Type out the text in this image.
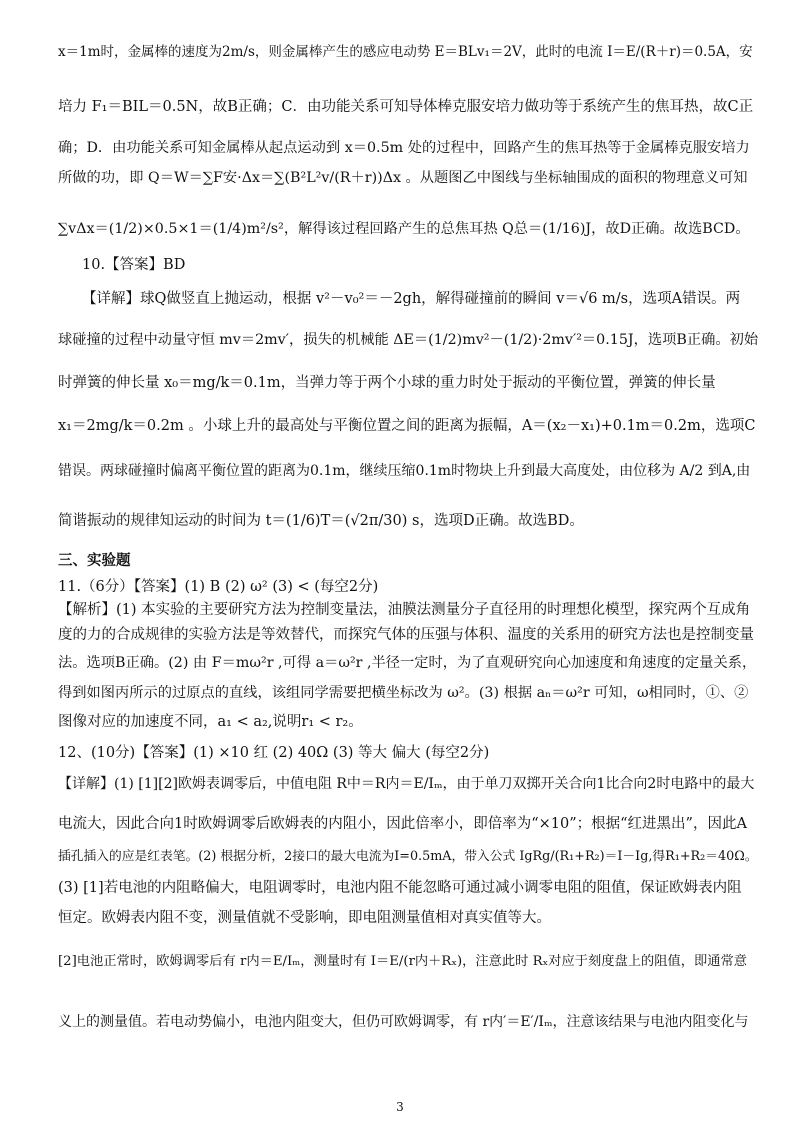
x＝1m时，金属棒的速度为2m/s，则金属棒产生的感应电动势 E＝BLv₁＝2V，此时的电流 I＝E/(R＋r)＝0.5A，安
培力 F₁＝BIL＝0.5N，故B正确；C．由功能关系可知导体棒克服安培力做功等于系统产生的焦耳热，故C正
确；D．由功能关系可知金属棒从起点运动到 x＝0.5m 处的过程中，回路产生的焦耳热等于金属棒克服安培力
所做的功，即 Q＝W＝∑F安·Δx＝∑(B²L²v/(R＋r))Δx 。从题图乙中图线与坐标轴围成的面积的物理意义可知
∑vΔx＝(1/2)×0.5×1＝(1/4)m²/s²，解得该过程回路产生的总焦耳热 Q总＝(1/16)J，故D正确。故选BCD。
10.【答案】BD
【详解】球Q做竖直上抛运动，根据 v²－v₀²＝－2gh，解得碰撞前的瞬间 v＝√6 m/s，选项A错误。两
球碰撞的过程中动量守恒 mv＝2mv′，损失的机械能 ΔE＝(1/2)mv²－(1/2)·2mv′²＝0.15J，选项B正确。初始
时弹簧的伸长量 x₀＝mg/k＝0.1m，当弹力等于两个小球的重力时处于振动的平衡位置，弹簧的伸长量
x₁＝2mg/k＝0.2m 。小球上升的最高处与平衡位置之间的距离为振幅，A＝(x₂－x₁)+0.1m＝0.2m，选项C
错误。两球碰撞时偏离平衡位置的距离为0.1m，继续压缩0.1m时物块上升到最大高度处，由位移为 A/2 到A,由
简谐振动的规律知运动的时间为 t＝(1/6)T＝(√2π/30) s，选项D正确。故选BD。
三、实验题
11.（6分）【答案】(1) B (2) ω² (3) < (每空2分)
【解析】(1) 本实验的主要研究方法为控制变量法，油膜法测量分子直径用的时理想化模型，探究两个互成角
度的力的合成规律的实验方法是等效替代，而探究气体的压强与体积、温度的关系用的研究方法也是控制变量
法。选项B正确。(2) 由 F＝mω²r ,可得 a＝ω²r ,半径一定时，为了直观研究向心加速度和角速度的定量关系，
得到如图丙所示的过原点的直线，该组同学需要把横坐标改为 ω²。(3) 根据 aₙ＝ω²r 可知，ω相同时，①、②
图像对应的加速度不同，a₁ < a₂,说明r₁ < r₂。
12、(10分)【答案】(1) ×10 红 (2) 40Ω (3) 等大 偏大 (每空2分)
【详解】(1) [1][2]欧姆表调零后，中值电阻 R中＝R内＝E/Iₘ，由于单刀双掷开关合向1比合向2时电路中的最大
电流大，因此合向1时欧姆调零后欧姆表的内阻小，因此倍率小，即倍率为“×10”；根据“红进黑出”，因此A
插孔插入的应是红表笔。(2) 根据分析，2接口的最大电流为I=0.5mA，带入公式 IgRg/(R₁+R₂)＝I－Ig,得R₁+R₂＝40Ω。
(3) [1]若电池的内阻略偏大，电阻调零时，电池内阻不能忽略可通过减小调零电阻的阻值，保证欧姆表内阻
恒定。欧姆表内阻不变，测量值就不受影响，即电阻测量值相对真实值等大。
[2]电池正常时，欧姆调零后有 r内＝E/Iₘ，测量时有 I＝E/(r内＋Rₓ)，注意此时 Rₓ对应于刻度盘上的阻值，即通常意
义上的测量值。若电动势偏小，电池内阻变大，但仍可欧姆调零，有 r内′＝E′/Iₘ，注意该结果与电池内阻变化与
3
